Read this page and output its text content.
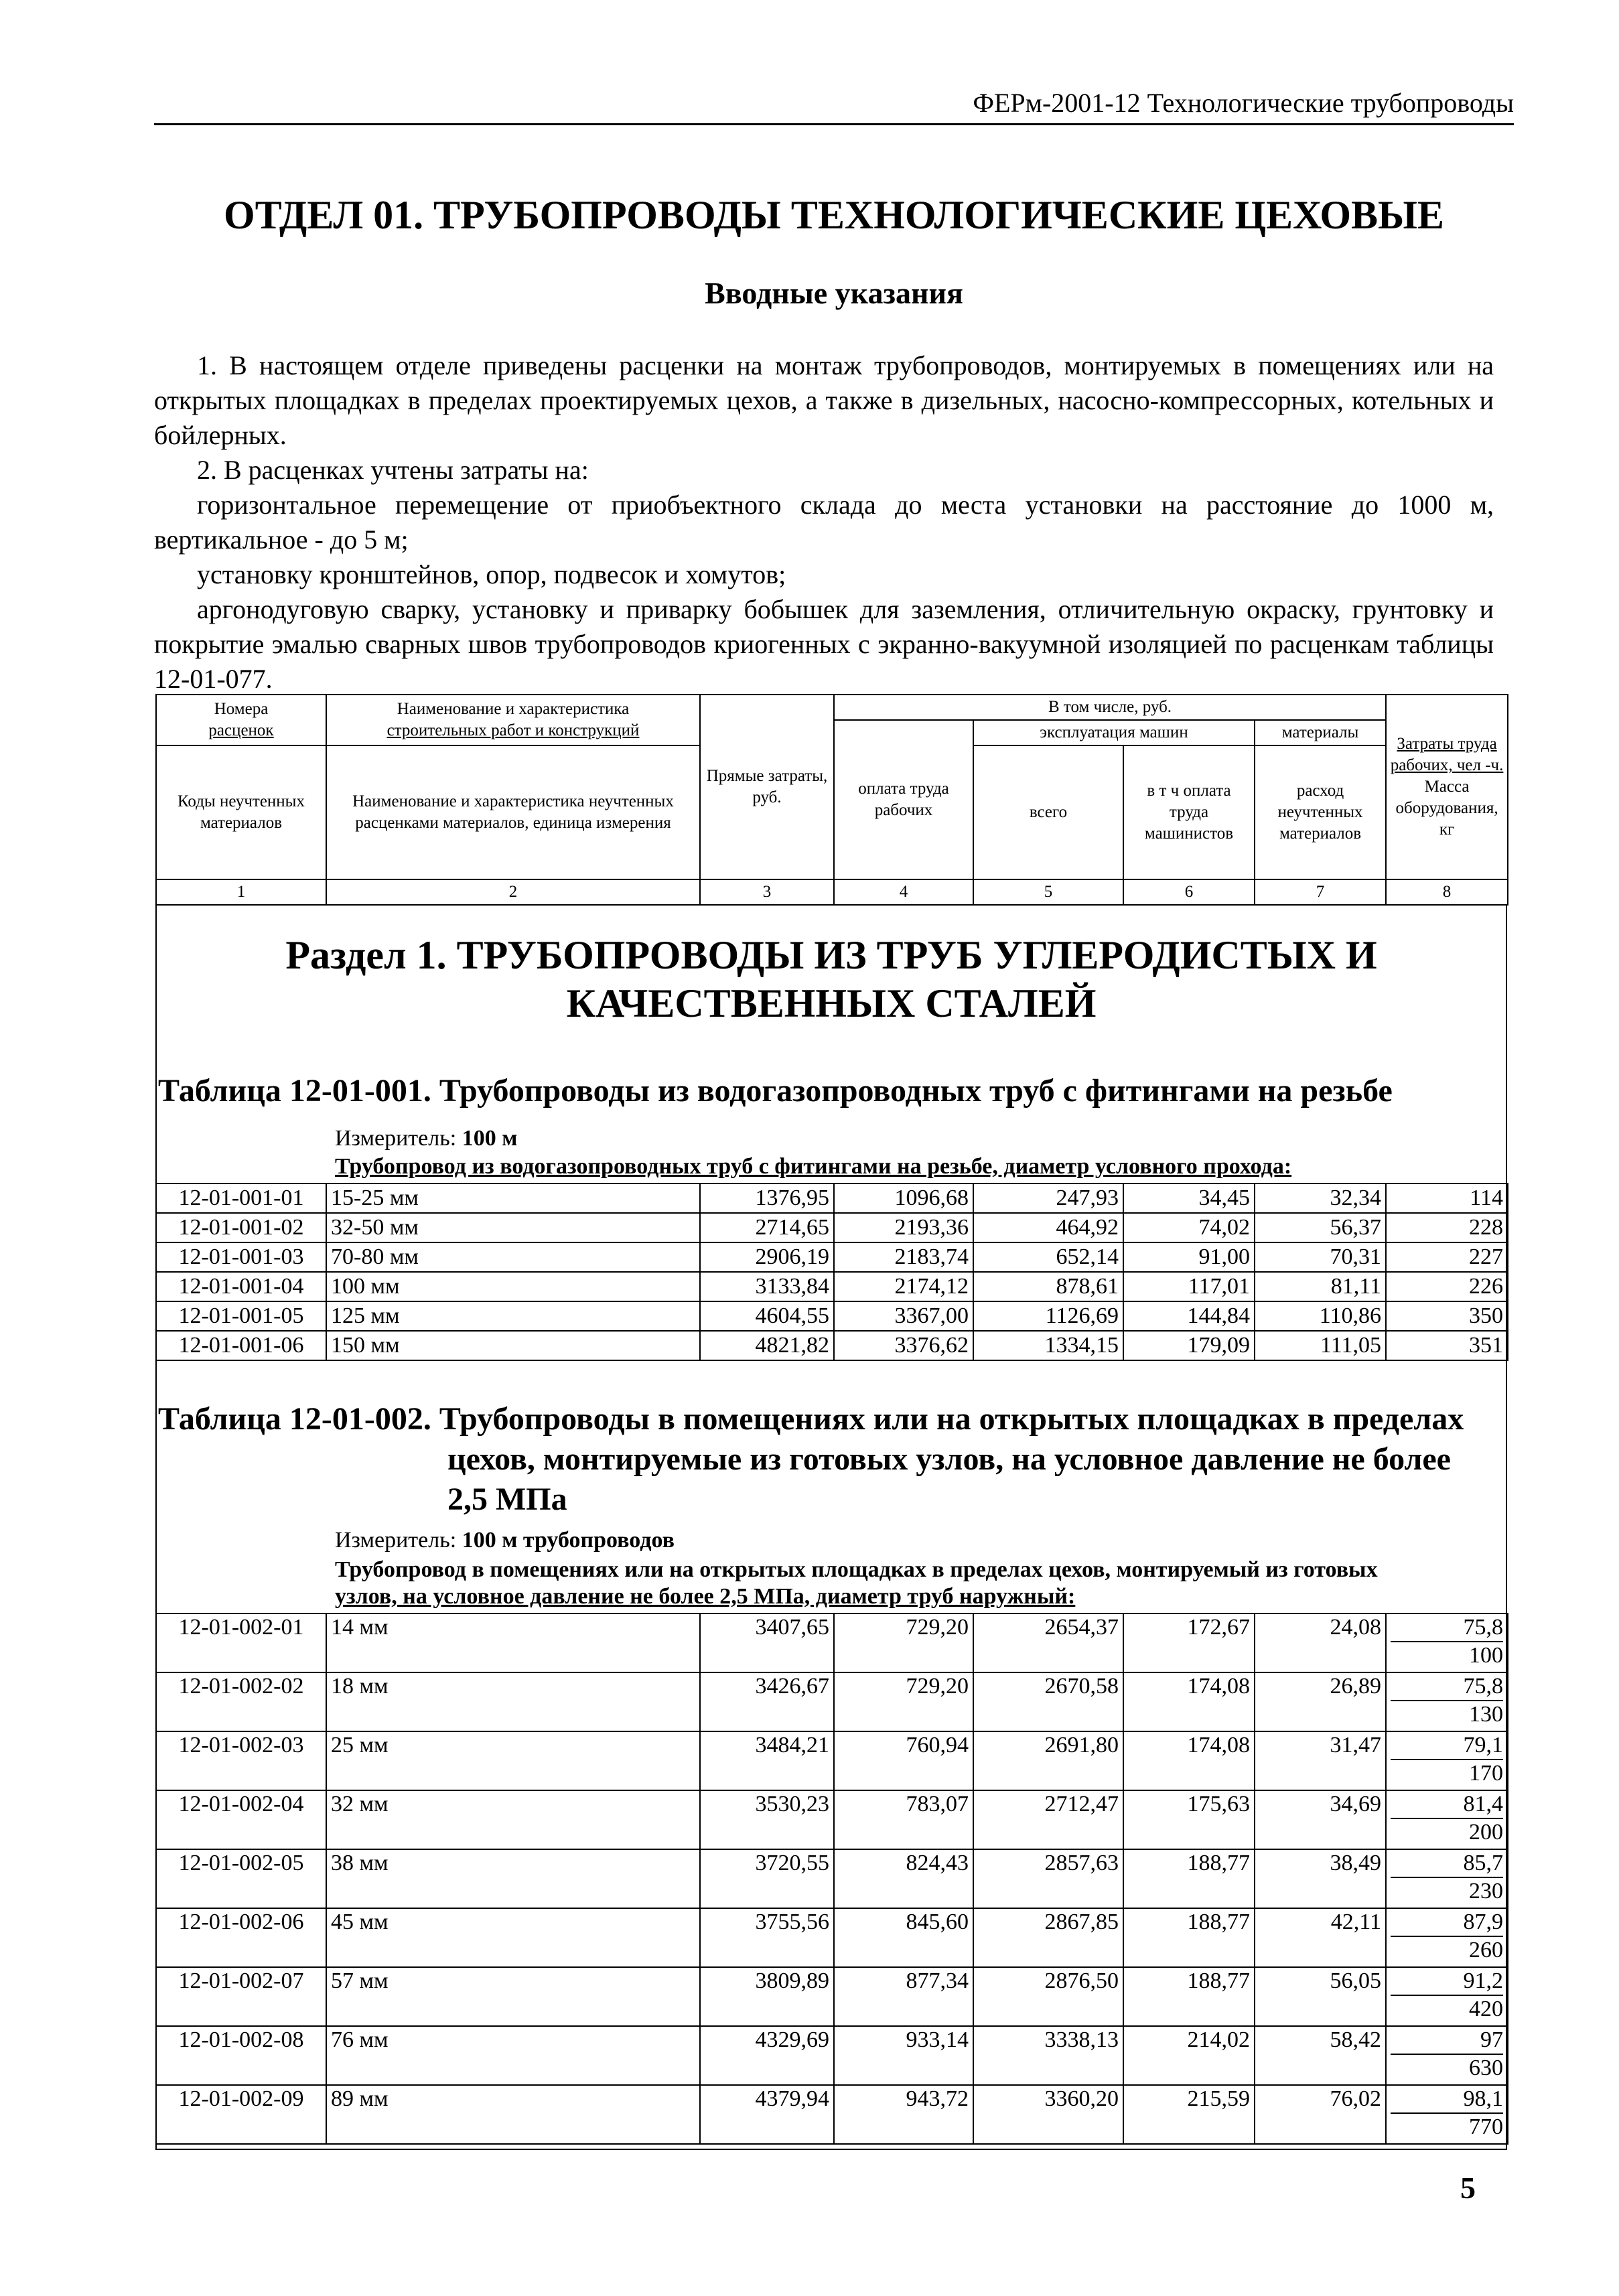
ФЕРм-2001-12 Технологические трубопроводы
ОТДЕЛ 01. ТРУБОПРОВОДЫ ТЕХНОЛОГИЧЕСКИЕ ЦЕХОВЫЕ
Вводные указания

1. В настоящем отделе приведены расценки на монтаж трубопроводов, монтируемых в помещениях или на открытых площадках в пределах проектируемых цехов, а также в дизельных, насосно-компрессорных, котельных и бойлерных.

2. В расценках учтены затраты на:

горизонтальное перемещение от приобъектного склада до места установки на расстояние до 1000 м, вертикальное - до 5 м;

установку кронштейнов, опор, подвесок и хомутов;

аргонодуговую сварку, установку и приварку бобышек для заземления, отличительную окраску, грунтовку и покрытие эмалью сварных швов трубопроводов криогенных с экранно-вакуумной изоляцией по расценкам таблицы 12-01-077.

Номера
расценок	Наименование и характеристика
строительных работ и конструкций	Прямые затраты, руб.	В том числе, руб.				Затраты труда рабочих, чел -ч.
Масса оборудования, кг
			оплата труда рабочих	эксплуатация машин		материалы	
Коды неучтенных материалов	Наименование и характеристика неучтенных расценками материалов, единица измерения			всего	в т ч оплата труда машинистов	расход неучтенных материалов	
1	2	3	4	5	6	7	8
Раздел 1. ТРУБОПРОВОДЫ ИЗ ТРУБ УГЛЕРОДИСТЫХ И КАЧЕСТВЕННЫХ СТАЛЕЙ
Таблица 12-01-001. Трубопроводы из водогазопроводных труб с фитингами на резьбе
Измеритель: 100 м
Трубопровод из водогазопроводных труб с фитингами на резьбе, диаметр условного прохода:
12-01-001-01	15-25 мм	1376,95	1096,68	247,93	34,45	32,34	114
12-01-001-02	32-50 мм	2714,65	2193,36	464,92	74,02	56,37	228
12-01-001-03	70-80 мм	2906,19	2183,74	652,14	91,00	70,31	227
12-01-001-04	100 мм	3133,84	2174,12	878,61	117,01	81,11	226
12-01-001-05	125 мм	4604,55	3367,00	1126,69	144,84	110,86	350
12-01-001-06	150 мм	4821,82	3376,62	1334,15	179,09	111,05	351
Таблица 12-01-002. Трубопроводы в помещениях или на открытых площадках в пределах
цехов, монтируемые из готовых узлов, на условное давление не более
2,5 МПа
Измеритель: 100 м трубопроводов
Трубопровод в помещениях или на открытых площадках в пределах цехов, монтируемый из готовых
узлов, на условное давление не более 2,5 МПа, диаметр труб наружный:
12-01-002-01	14 мм	3407,65	729,20	2654,37	172,67	24,08	75,8
100
12-01-002-02	18 мм	3426,67	729,20	2670,58	174,08	26,89	75,8
130
12-01-002-03	25 мм	3484,21	760,94	2691,80	174,08	31,47	79,1
170
12-01-002-04	32 мм	3530,23	783,07	2712,47	175,63	34,69	81,4
200
12-01-002-05	38 мм	3720,55	824,43	2857,63	188,77	38,49	85,7
230
12-01-002-06	45 мм	3755,56	845,60	2867,85	188,77	42,11	87,9
260
12-01-002-07	57 мм	3809,89	877,34	2876,50	188,77	56,05	91,2
420
12-01-002-08	76 мм	4329,69	933,14	3338,13	214,02	58,42	97
630
12-01-002-09	89 мм	4379,94	943,72	3360,20	215,59	76,02	98,1
770
5
